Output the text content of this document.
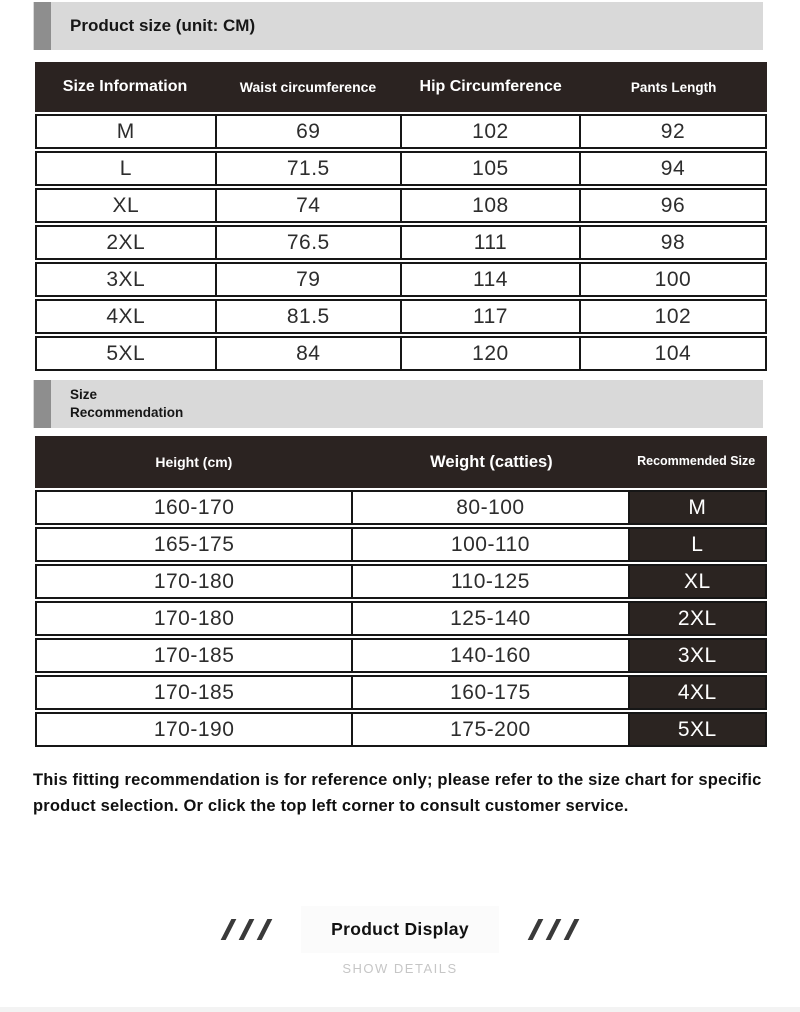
Product size (unit: CM)
Size Information	Waist circumference	Hip Circumference	Pants Length
M	69	102	92
L	71.5	105	94
XL	74	108	96
2XL	76.5	111	98
3XL	79	114	100
4XL	81.5	117	102
5XL	84	120	104
Size
Recommendation
Height (cm)	Weight (catties)	Recommended Size
160-170	80-100	M
165-175	100-110	L
170-180	110-125	XL
170-180	125-140	2XL
170-185	140-160	3XL
170-185	160-175	4XL
170-190	175-200	5XL
This fitting recommendation is for reference only; please refer to the size chart for specific product selection. Or click the top left corner to consult customer service.
Product Display
SHOW DETAILS
